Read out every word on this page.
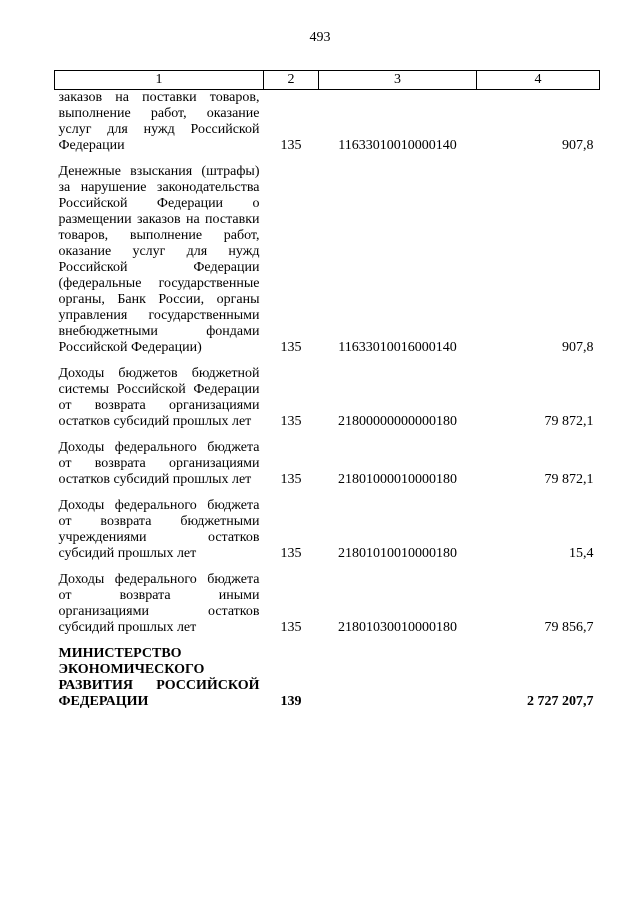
493
1	2	3	4
заказов на поставки товаров, выполнение работ, оказание услуг для нужд Российской Федерации	135	11633010010000140	907,8

Денежные взыскания (штрафы) за нарушение законодательства Российской Федерации о размещении заказов на поставки товаров, выполнение работ, оказание услуг для нужд Российской Федерации (федеральные государственные органы, Банк России, органы управления государственными внебюджетными фондами Российской Федерации)	135	11633010016000140	907,8

Доходы бюджетов бюджетной системы Российской Федерации от возврата организациями остатков субсидий прошлых лет	135	21800000000000180	79 872,1

Доходы федерального бюджета от возврата организациями остатков субсидий прошлых лет	135	21801000010000180	79 872,1

Доходы федерального бюджета от возврата бюджетными учреждениями остатков субсидий прошлых лет	135	21801010010000180	15,4

Доходы федерального бюджета от возврата иными организациями остатков субсидий прошлых лет	135	21801030010000180	79 856,7

МИНИСТЕРСТВО ЭКОНОМИЧЕСКОГО РАЗВИТИЯ РОССИЙСКОЙ ФЕДЕРАЦИИ	139		2 727 207,7
